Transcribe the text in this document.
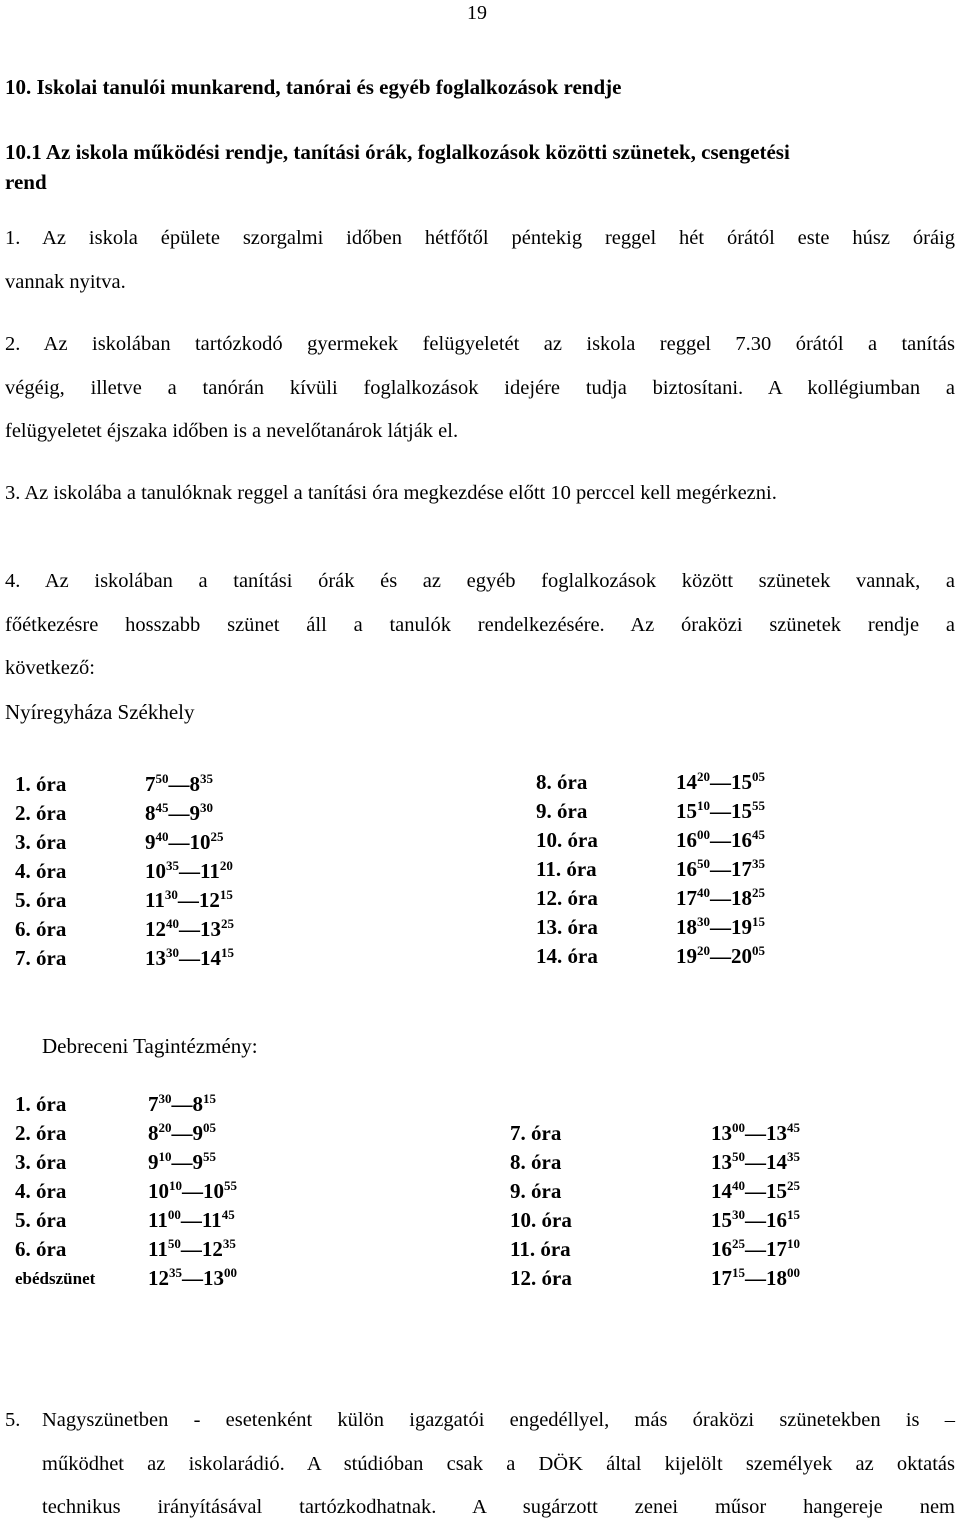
19
10. Iskolai tanulói munkarend, tanórai és egyéb foglalkozások rendje
10.1 Az iskola működési rendje, tanítási órák, foglalkozások közötti szünetek, csengetési
rend
1. Az iskola épülete szorgalmi időben hétfőtől péntekig reggel hét órától este húsz óráig
vannak nyitva.
2. Az iskolában tartózkodó gyermekek felügyeletét az iskola reggel 7.30 órától a tanítás
végéig, illetve a tanórán kívüli foglalkozások idejére tudja biztosítani. A kollégiumban a
felügyeletet éjszaka időben is a nevelőtanárok látják el.
3. Az iskolába a tanulóknak reggel a tanítási óra megkezdése előtt 10 perccel kell megérkezni.
4. Az iskolában a tanítási órák és az egyéb foglalkozások között szünetek vannak, a
főétkezésre hosszabb szünet áll a tanulók rendelkezésére. Az óraközi szünetek rendje a
következő:
Nyíregyháza Székhely
1. óra	$7^{50}—8^{35}$
2. óra	$8^{45}—9^{30}$
3. óra	$9^{40}—10^{25}$
4. óra	$10^{35}—11^{20}$
5. óra	$11^{30}—12^{15}$
6. óra	$12^{40}—13^{25}$
7. óra	$13^{30}—14^{15}$
8. óra	$14^{20}—15^{05}$
9. óra	$15^{10}—15^{55}$
10. óra	$16^{00}—16^{45}$
11. óra	$16^{50}—17^{35}$
12. óra	$17^{40}—18^{25}$
13. óra	$18^{30}—19^{15}$
14. óra	$19^{20}—20^{05}$
Debreceni Tagintézmény:
1. óra	$7^{30}—8^{15}$
2. óra	$8^{20}—9^{05}$
3. óra	$9^{10}—9^{55}$
4. óra	$10^{10}—10^{55}$
5. óra	$11^{00}—11^{45}$
6. óra	$11^{50}—12^{35}$
ebédszünet	$12^{35}—13^{00}$
7. óra	$13^{00}—13^{45}$
8. óra	$13^{50}—14^{35}$
9. óra	$14^{40}—15^{25}$
10. óra	$15^{30}—16^{15}$
11. óra	$16^{25}—17^{10}$
12. óra	$17^{15}—18^{00}$
5. Nagyszünetben - esetenként külön igazgatói engedéllyel, más óraközi szünetekben is –
működhet az iskolarádió. A stúdióban csak a DÖK által kijelölt személyek az oktatás
technikus irányításával tartózkodhatnak. A sugárzott zenei műsor hangereje nem
